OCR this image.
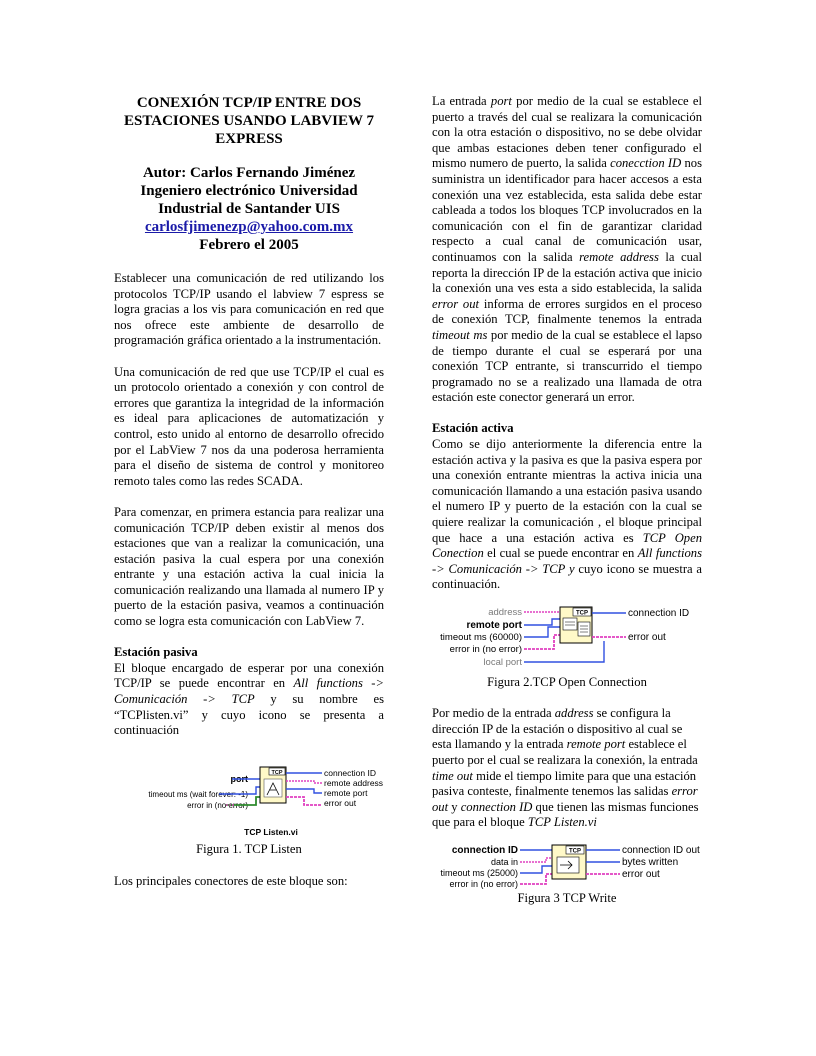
CONEXIÓN TCP/IP ENTRE DOS

ESTACIONES USANDO LABVIEW 7

EXPRESS

Autor: Carlos Fernando Jiménez

Ingeniero electrónico Universidad

Industrial de Santander UIS

carlosfjimenezp@yahoo.com.mx

Febrero el 2005

Establecer una comunicación de red utilizando los protocolos TCP/IP usando el labview 7 espress se logra gracias a los vis para comunicación en red que nos ofrece este ambiente de desarrollo de programación gráfica orientado a la instrumentación.

Una comunicación de red que use TCP/IP el cual es un protocolo orientado a conexión y con control de errores que garantiza la integridad de la información es ideal para aplicaciones de automatización y control, esto unido al entorno de desarrollo ofrecido por el LabView 7 nos da una poderosa herramienta para el diseño de sistema de control y monitoreo remoto tales como las redes SCADA.

Para comenzar, en primera estancia para realizar una comunicación TCP/IP deben existir al menos dos estaciones que van a realizar la comunicación, una estación pasiva la cual espera por una conexión entrante y una estación activa la cual inicia la comunicación realizando una llamada al numero IP y puerto de la estación pasiva, veamos a continuación como se logra esta comunicación con LabView 7.

Estación pasiva

El bloque encargado de esperar por una conexión TCP/IP se puede encontrar en All functions -> Comunicación -> TCP y su nombre es “TCPlisten.vi” y cuyo icono se presenta a continuación

port
timeout ms (wait forever: -1)
error in (no error)
TCP	connection ID
remote address
remote port
error out
TCP Listen.vi

Figura 1. TCP Listen

Los principales conectores de este bloque son:

La entrada port por medio de la cual se establece el puerto a través del cual se realizara la comunicación con la otra estación o dispositivo, no se debe olvidar que ambas estaciones deben tener configurado el mismo numero de puerto, la salida conecction ID nos suministra un identificador para hacer accesos a esta conexión una vez establecida, esta salida debe estar cableada a todos los bloques TCP involucrados en la comunicación con el fin de garantizar claridad respecto a cual canal de comunicación usar, continuamos con la salida remote address la cual reporta la dirección IP de la estación activa que inicio la conexión una ves esta a sido establecida, la salida error out informa de errores surgidos en el proceso de conexión TCP, finalmente tenemos la entrada timeout ms por medio de la cual se establece el lapso de tiempo durante el cual se esperará por una conexión TCP entrante, si transcurrido el tiempo programado no se a realizado una llamada de otra estación este conector generará un error.

Estación activa

Como se dijo anteriormente la diferencia entre la estación activa y la pasiva es que la pasiva espera por una conexión entrante mientras la activa inicia una comunicación llamando a una estación pasiva usando el numero IP y puerto de la estación con la cual se quiere realizar la comunicación , el bloque principal que hace a una estación activa es TCP Open Conection el cual se puede encontrar en All functions -> Comunicación -> TCP y cuyo icono se muestra a continuación.

address
remote port
timeout ms (60000)
error in (no error)
local port
TCP	connection ID
error out

Figura 2.TCP Open Connection

Por medio de la entrada address se configura la dirección IP de la estación o dispositivo al cual se esta llamando y la entrada remote port establece el puerto por el cual se realizara la conexión, la entrada time out mide el tiempo limite para que una estación pasiva conteste, finalmente tenemos las salidas error out y connection ID que tienen las mismas funciones que para el bloque TCP Listen.vi

connection ID
data in
timeout ms (25000)
error in (no error)
TCP	connection ID out
bytes written
error out

Figura 3 TCP Write
